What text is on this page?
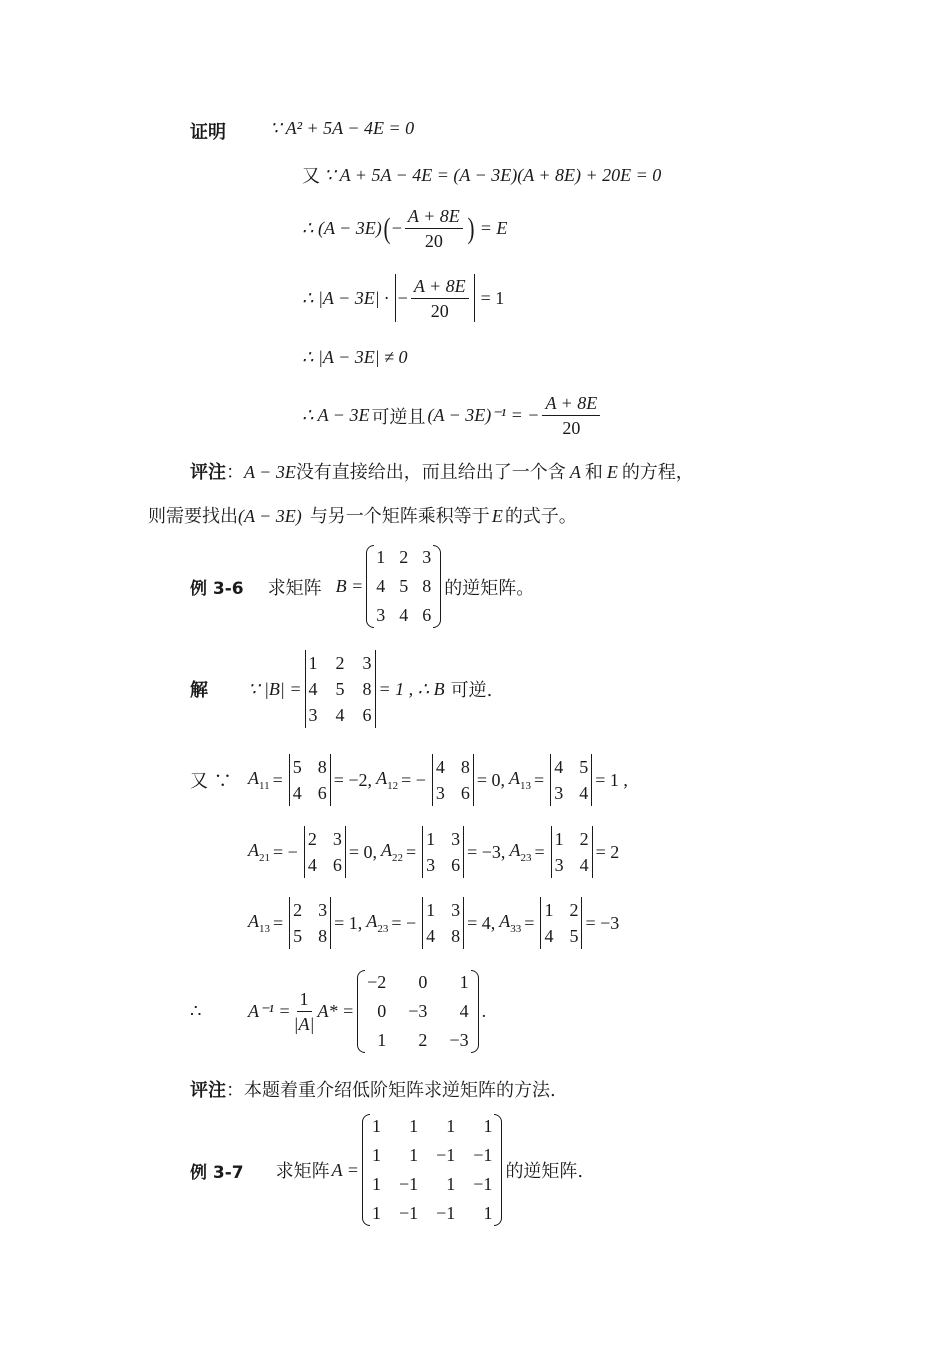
证明 ∵ A² + 5A − 4E = 0
又 ∵ A + 5A − 4E = (A − 3E)(A + 8E) + 20E = 0
∴ (A − 3E) ( − $\frac{A + 8E}{20}$ ) = E
∴ |A − 3E| · − $\frac{A + 8E}{20} = 1$
∴ |A − 3E| ≠ 0
∴ A − 3E 可逆且 (A − 3E)⁻¹ = − $\frac{A + 8E}{20}$
评注：A − 3E没有直接给出，而且给出了一个含 A 和 E 的方程，
则需要找出(A − 3E) 与另一个矩阵乘积等于 E 的式子。
例 3-6 求矩阵 B =
1 2 3
4 5 8
3 4 6
的逆矩阵。
解 ∵ |B| =
1 2 3
4 5 8
3 4 6
= 1 , ∴ B 可逆.
又 ∵ $A_{11}$ =
5 8
4 6
= −2, $A_{12}$ = −
4 8
3 6
= 0, $A_{13}$ =
4 5
3 4
= 1 ,
$A_{21}$ = −
2 3
4 6
= 0, $A_{22}$ =
1 3
3 6
= −3, $A_{23}$ =
1 2
3 4
= 2
$A_{13}$ =
2 3
5 8
= 1, $A_{23}$ = −
1 3
4 8
= 4, $A_{33}$ =
1 2
4 5
= −3
∴	$A^{-1} = \frac{1}{|A|} A*$ =
−2	0	1
0 −3	4
1	2 −3
.
评注：本题着重介绍低阶矩阵求逆矩阵的方法.
例 3-7 求矩阵 A =
1	1	1	1
1	1 −1 −1
1 −1	1 −1
1 −1 −1	1
的逆矩阵.
